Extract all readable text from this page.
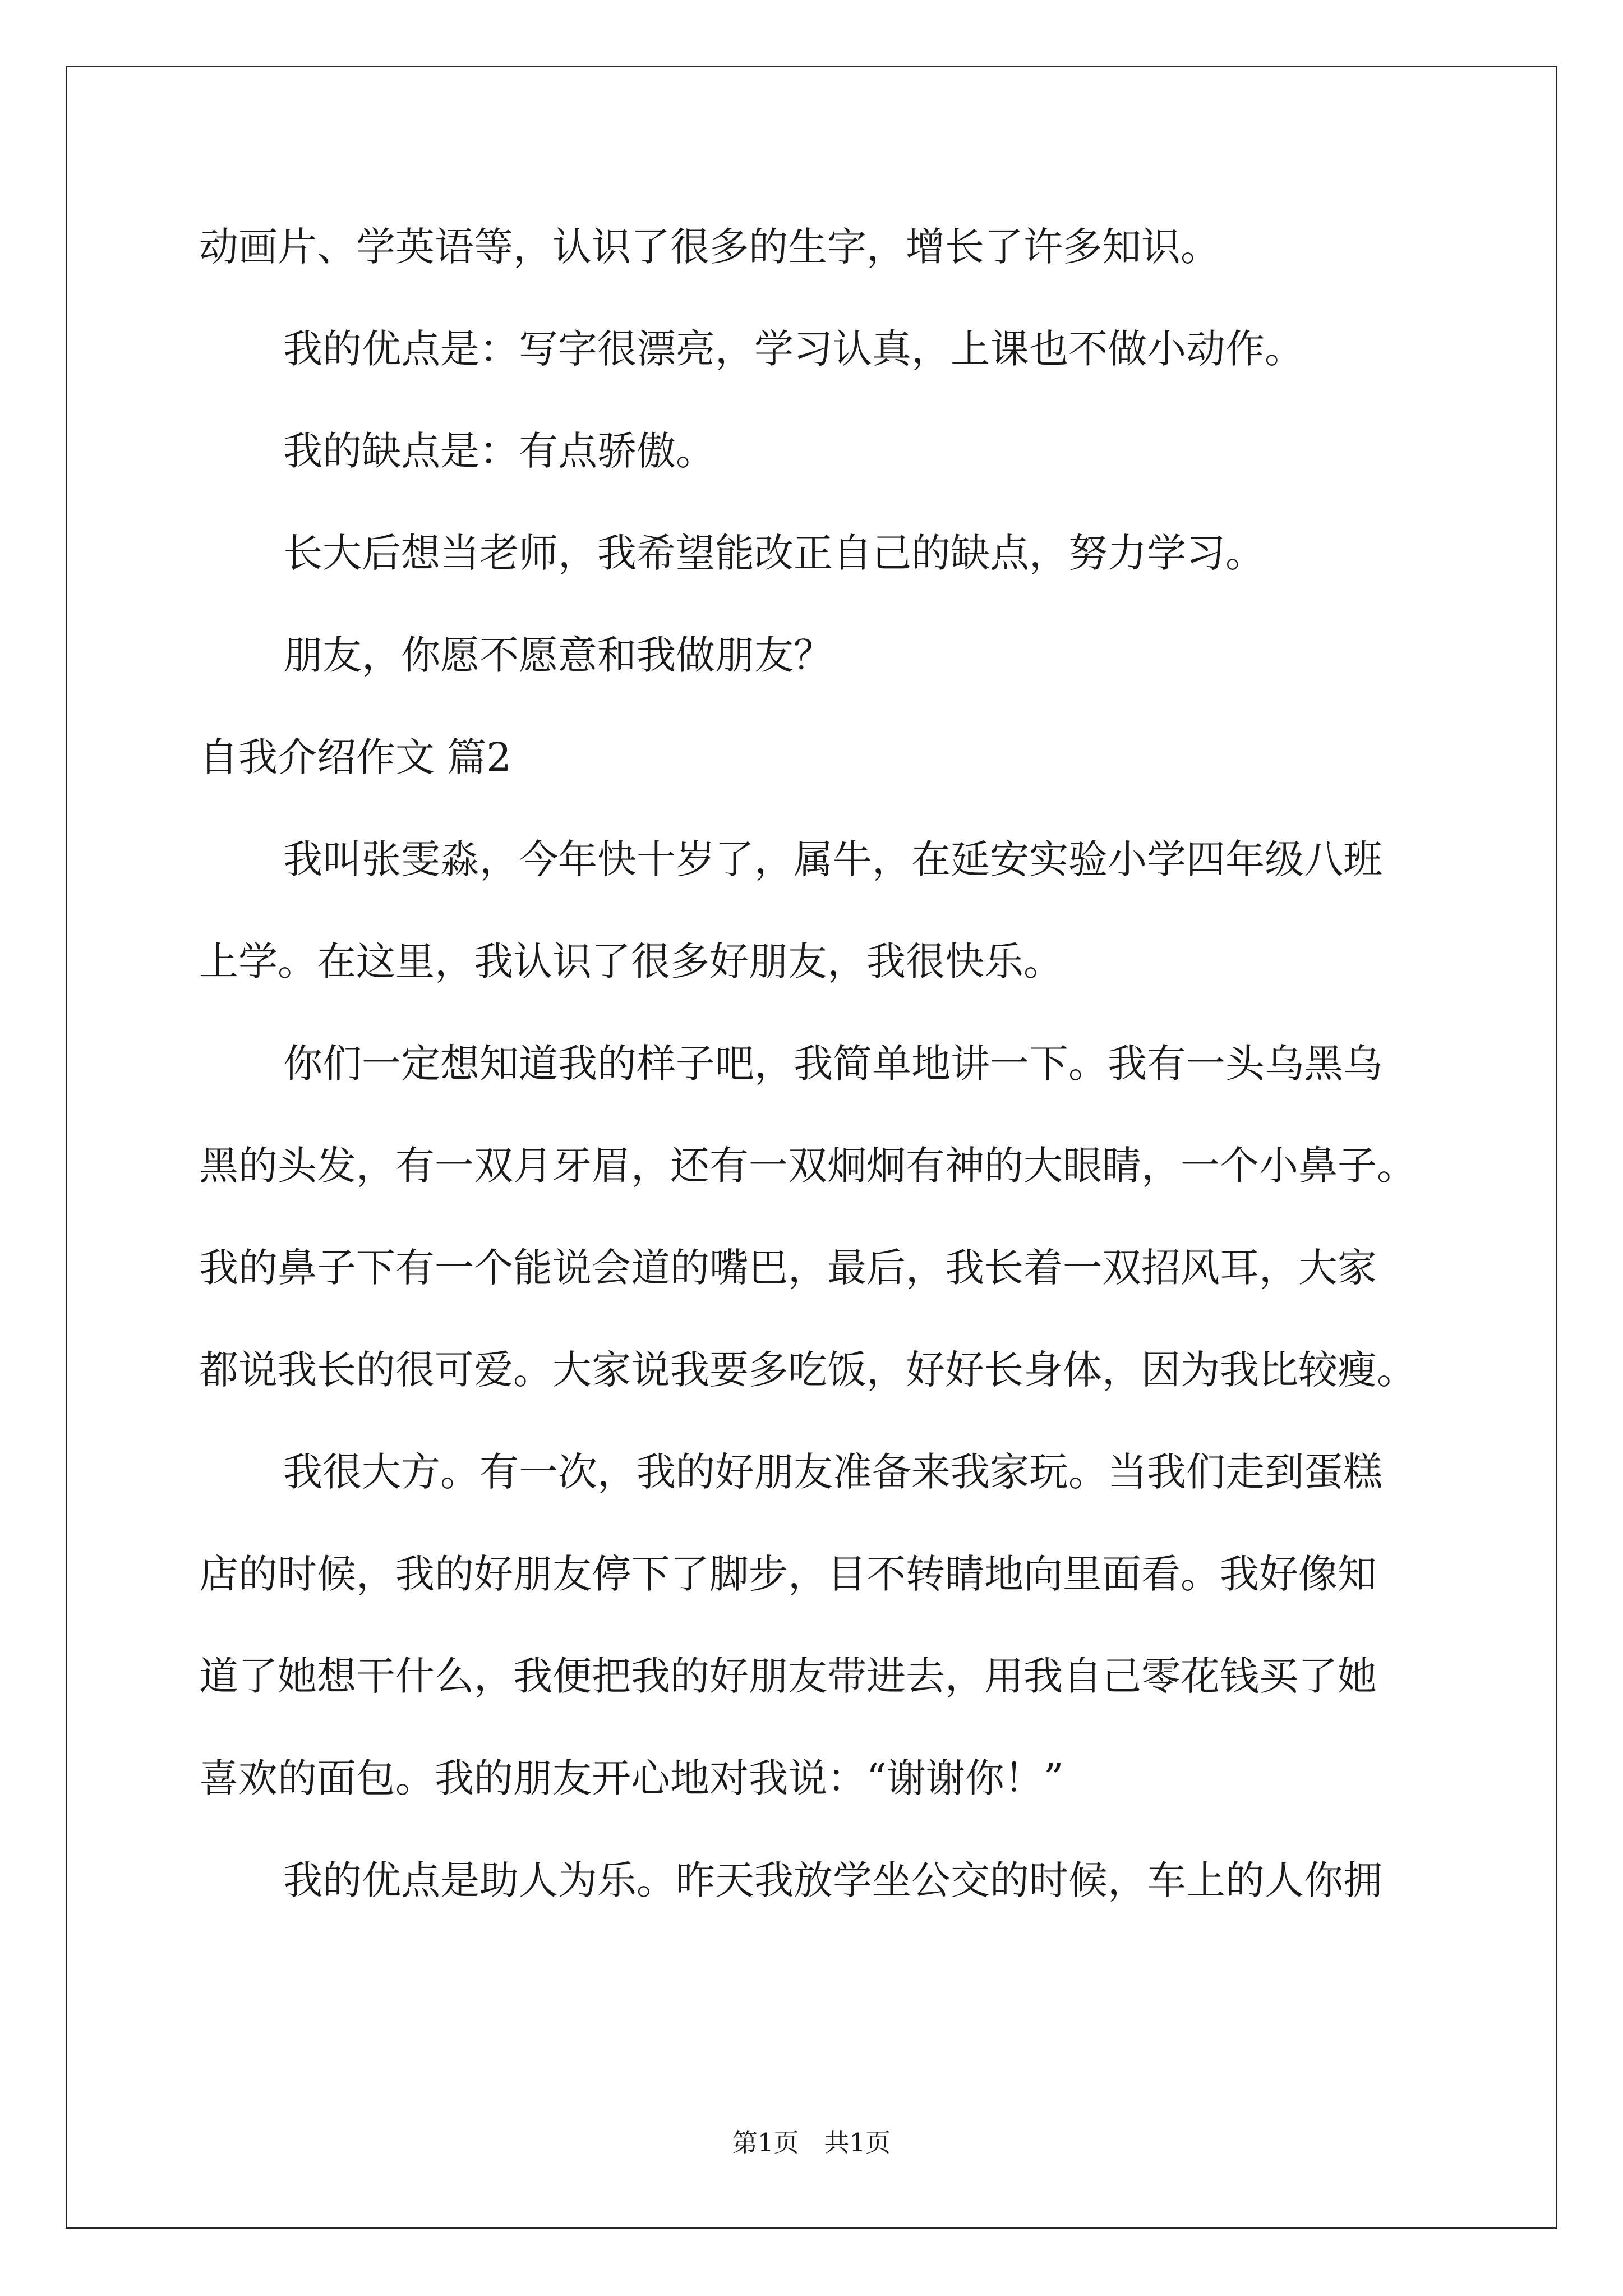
动画片、学英语等，认识了很多的生字，增长了许多知识。
我的优点是：写字很漂亮，学习认真，上课也不做小动作。
我的缺点是：有点骄傲。
长大后想当老师，我希望能改正自己的缺点，努力学习。
朋友，你愿不愿意和我做朋友？
自我介绍作文 篇2
我叫张雯淼，今年快十岁了，属牛，在延安实验小学四年级八班
上学。在这里，我认识了很多好朋友，我很快乐。
你们一定想知道我的样子吧，我简单地讲一下。我有一头乌黑乌
黑的头发，有一双月牙眉，还有一双炯炯有神的大眼睛，一个小鼻子。
我的鼻子下有一个能说会道的嘴巴，最后，我长着一双招风耳，大家
都说我长的很可爱。大家说我要多吃饭，好好长身体，因为我比较瘦。
我很大方。有一次，我的好朋友准备来我家玩。当我们走到蛋糕
店的时候，我的好朋友停下了脚步，目不转睛地向里面看。我好像知
道了她想干什么，我便把我的好朋友带进去，用我自己零花钱买了她
喜欢的面包。我的朋友开心地对我说：“谢谢你！”
我的优点是助人为乐。昨天我放学坐公交的时候，车上的人你拥
第1页　共1页
